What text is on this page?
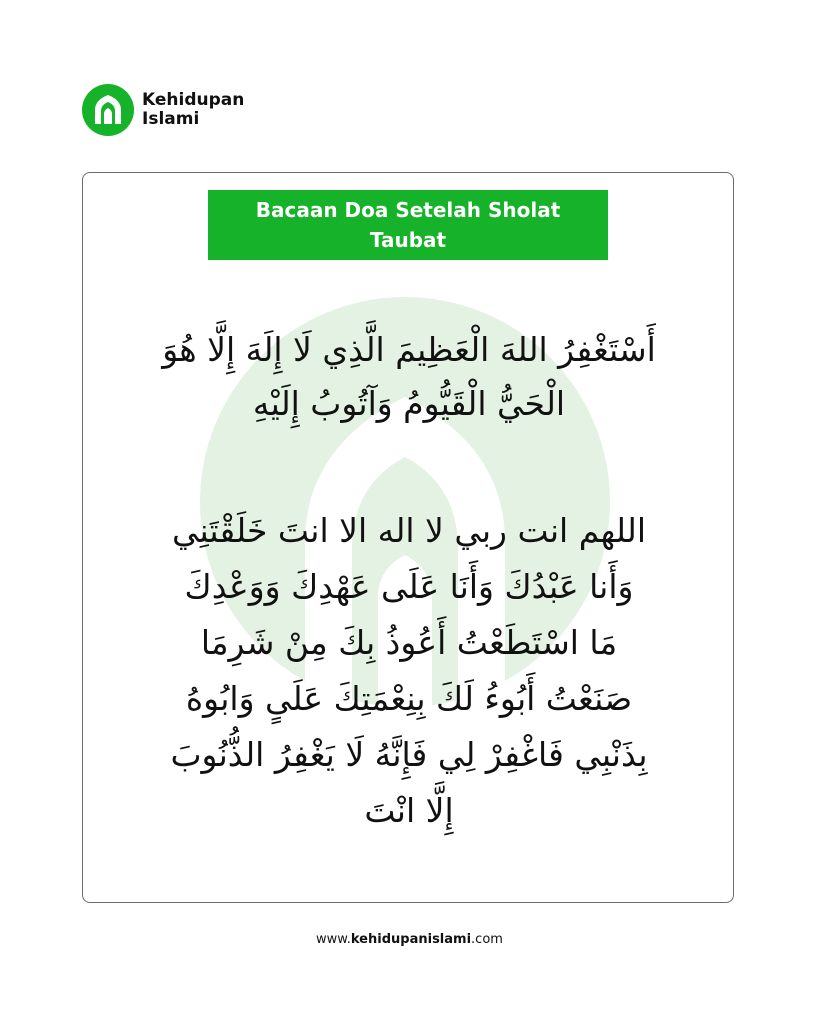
Kehidupan
Islami
Bacaan Doa Setelah Sholat Taubat
أَسْتَغْفِرُ اللهَ الْعَظِيمَ الَّذِي لَا إِلَهَ إِلَّا هُوَ
الْحَيُّ الْقَيُّومُ وَآتُوبُ إِلَيْهِ
اللهم انت ربي لا اله الا انتَ خَلَقْتَنِي
وَأَنا عَبْدُكَ وَأَنَا عَلَى عَهْدِكَ وَوَعْدِكَ
مَا اسْتَطَعْتُ أَعُوذُ بِكَ مِنْ شَرِمَا
صَنَعْتُ أَبُوءُ لَكَ بِنِعْمَتِكَ عَلَىٍ وَابُوهُ
بِذَنْبِي فَاغْفِرْ لِي فَإِنَّهُ لَا يَغْفِرُ الذُّنُوبَ
إِلَّا انْتَ
www.kehidupanislami.com
